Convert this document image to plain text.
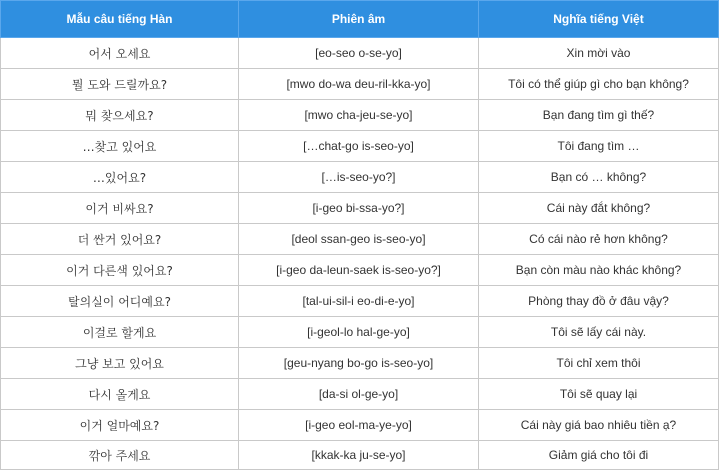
Mẫu câu tiếng Hàn	Phiên âm	Nghĩa tiếng Việt
어서 오세요	[eo-seo o-se-yo]	Xin mời vào
뭘 도와 드릴까요?	[mwo do-wa deu-ril-kka-yo]	Tôi có thể giúp gì cho bạn không?
뭐 찾으세요?	[mwo cha-jeu-se-yo]	Bạn đang tìm gì thế?
…찾고 있어요	[…chat-go is-seo-yo]	Tôi đang tìm …
…있어요?	[…is-seo-yo?]	Bạn có … không?
이거 비싸요?	[i-geo bi-ssa-yo?]	Cái này đắt không?
더 싼거 있어요?	[deol ssan-geo is-seo-yo]	Có cái nào rẻ hơn không?
이거 다른색 있어요?	[i-geo da-leun-saek is-seo-yo?]	Bạn còn màu nào khác không?
탈의실이 어디예요?	[tal-ui-sil-i eo-di-e-yo]	Phòng thay đồ ở đâu vậy?
이걸로 할게요	[i-geol-lo hal-ge-yo]	Tôi sẽ lấy cái này.
그냥 보고 있어요	[geu-nyang bo-go is-seo-yo]	Tôi chỉ xem thôi
다시 올게요	[da-si ol-ge-yo]	Tôi sẽ quay lại
이거 얼마예요?	[i-geo eol-ma-ye-yo]	Cái này giá bao nhiêu tiền ạ?
깎아 주세요	[kkak-ka ju-se-yo]	Giảm giá cho tôi đi
